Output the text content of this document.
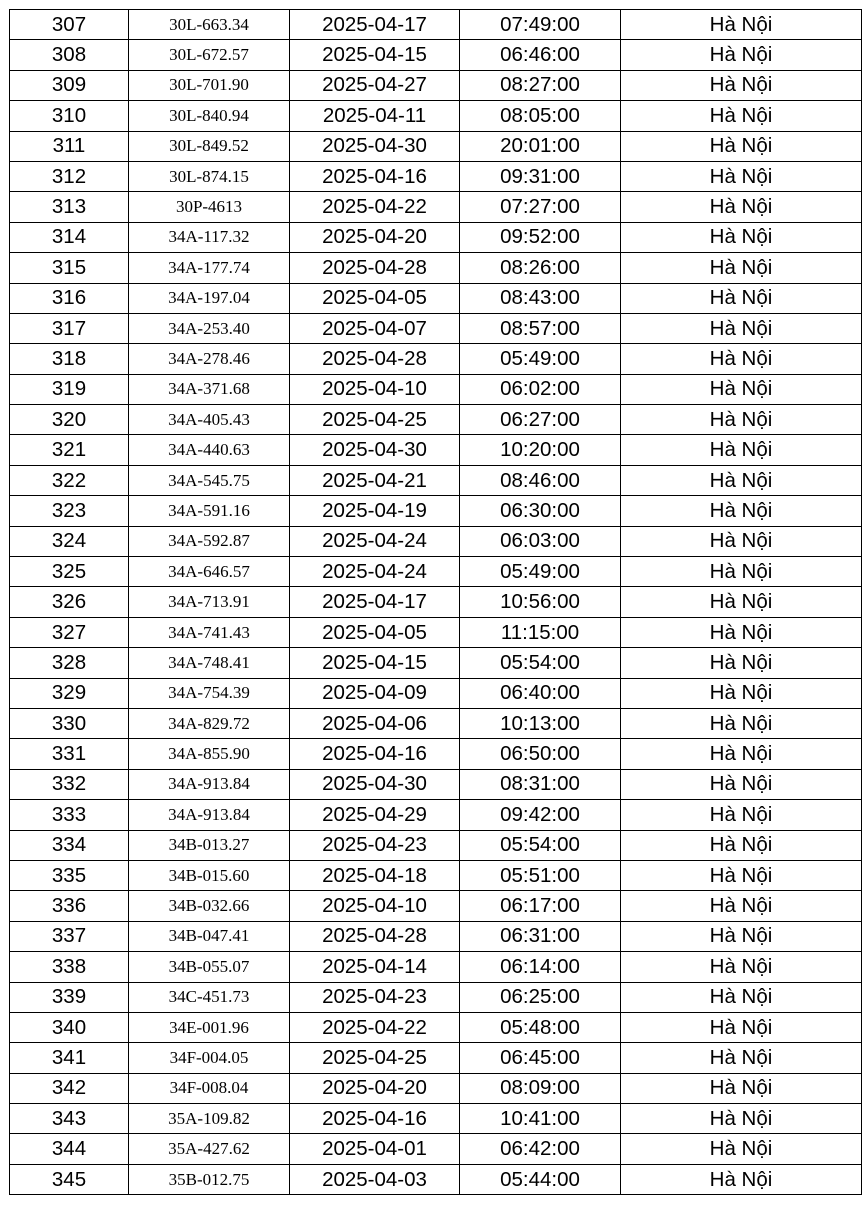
307	30L-663.34	2025-04-17	07:49:00	Hà Nội
308	30L-672.57	2025-04-15	06:46:00	Hà Nội
309	30L-701.90	2025-04-27	08:27:00	Hà Nội
310	30L-840.94	2025-04-11	08:05:00	Hà Nội
311	30L-849.52	2025-04-30	20:01:00	Hà Nội
312	30L-874.15	2025-04-16	09:31:00	Hà Nội
313	30P-4613	2025-04-22	07:27:00	Hà Nội
314	34A-117.32	2025-04-20	09:52:00	Hà Nội
315	34A-177.74	2025-04-28	08:26:00	Hà Nội
316	34A-197.04	2025-04-05	08:43:00	Hà Nội
317	34A-253.40	2025-04-07	08:57:00	Hà Nội
318	34A-278.46	2025-04-28	05:49:00	Hà Nội
319	34A-371.68	2025-04-10	06:02:00	Hà Nội
320	34A-405.43	2025-04-25	06:27:00	Hà Nội
321	34A-440.63	2025-04-30	10:20:00	Hà Nội
322	34A-545.75	2025-04-21	08:46:00	Hà Nội
323	34A-591.16	2025-04-19	06:30:00	Hà Nội
324	34A-592.87	2025-04-24	06:03:00	Hà Nội
325	34A-646.57	2025-04-24	05:49:00	Hà Nội
326	34A-713.91	2025-04-17	10:56:00	Hà Nội
327	34A-741.43	2025-04-05	11:15:00	Hà Nội
328	34A-748.41	2025-04-15	05:54:00	Hà Nội
329	34A-754.39	2025-04-09	06:40:00	Hà Nội
330	34A-829.72	2025-04-06	10:13:00	Hà Nội
331	34A-855.90	2025-04-16	06:50:00	Hà Nội
332	34A-913.84	2025-04-30	08:31:00	Hà Nội
333	34A-913.84	2025-04-29	09:42:00	Hà Nội
334	34B-013.27	2025-04-23	05:54:00	Hà Nội
335	34B-015.60	2025-04-18	05:51:00	Hà Nội
336	34B-032.66	2025-04-10	06:17:00	Hà Nội
337	34B-047.41	2025-04-28	06:31:00	Hà Nội
338	34B-055.07	2025-04-14	06:14:00	Hà Nội
339	34C-451.73	2025-04-23	06:25:00	Hà Nội
340	34E-001.96	2025-04-22	05:48:00	Hà Nội
341	34F-004.05	2025-04-25	06:45:00	Hà Nội
342	34F-008.04	2025-04-20	08:09:00	Hà Nội
343	35A-109.82	2025-04-16	10:41:00	Hà Nội
344	35A-427.62	2025-04-01	06:42:00	Hà Nội
345	35B-012.75	2025-04-03	05:44:00	Hà Nội
